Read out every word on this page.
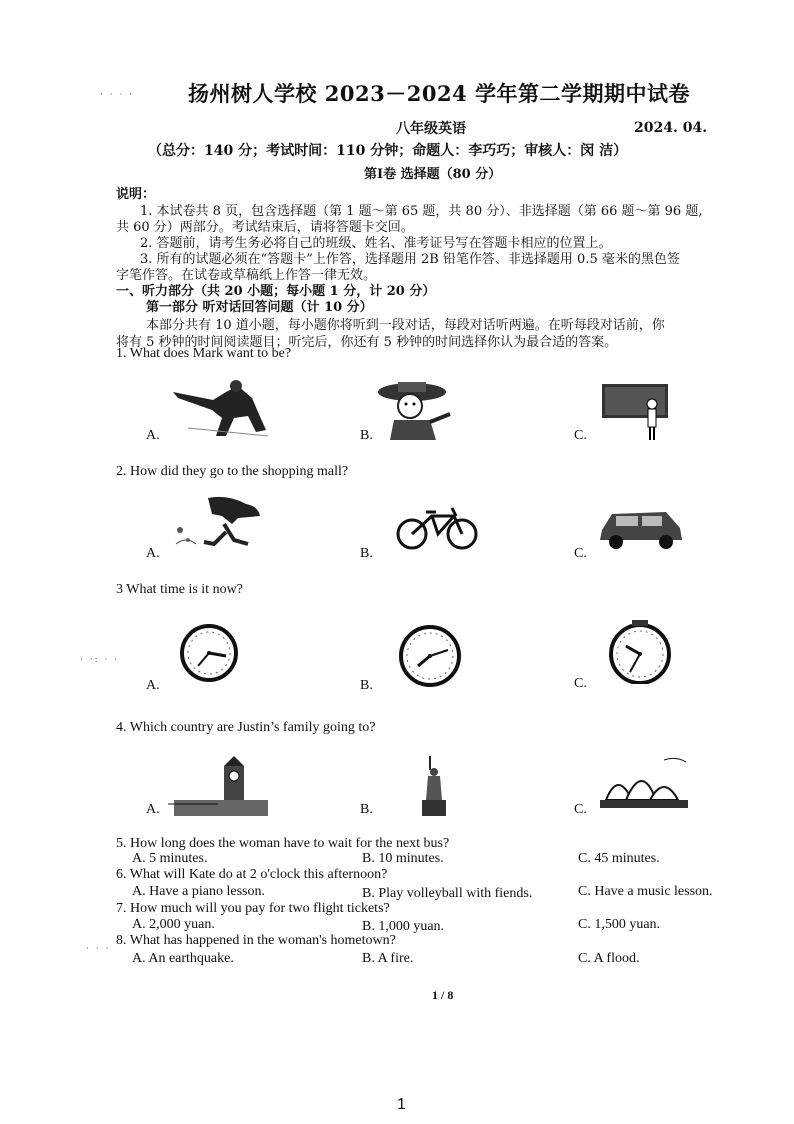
扬州树人学校 2023－2024 学年第二学期期中试卷
八年级英语	2024. 04.
（总分：140 分；考试时间：110 分钟；命题人：李巧巧；审核人：闵 洁）
第Ⅰ卷 选择题（80 分）
说明：
1. 本试卷共 8 页，包含选择题（第 1 题～第 65 题，共 80 分）、非选择题（第 66 题～第 96 题,
共 60 分）两部分。考试结束后，请将答题卡交回。
2. 答题前，请考生务必将自己的班级、姓名、准考证号写在答题卡相应的位置上。
3. 所有的试题必须在“答题卡”上作答，选择题用 2B 铅笔作答、非选择题用 0.5 毫米的黑色签
字笔作答。在试卷或草稿纸上作答一律无效。
一、听力部分（共 20 小题；每小题 1 分，计 20 分）
第一部分 听对话回答问题（计 10 分）
本部分共有 10 道小题，每小题你将听到一段对话，每段对话听两遍。在听每段对话前，你
将有 5 秒钟的时间阅读题目；听完后，你还有 5 秒钟的时间选择你认为最合适的答案。
1. What does Mark want to be?
A.	B.	C.
2. How did they go to the shopping mall?
A.	B.	C.
3 What time is it now?
A.	B.	C.
4. Which country are Justin’s family going to?
A.	B.	C.
5. How long does the woman have to wait for the next bus?
A. 5 minutes.	B. 10 minutes.	C. 45 minutes.
6. What will Kate do at 2 o'clock this afternoon?
A. Have a piano lesson.	B. Play volleyball with fiends.	C. Have a music lesson.
7. How much will you pay for two flight tickets?
A. 2,000 yuan.	B. 1,000 yuan.	C. 1,500 yuan.
8. What has happened in the woman's hometown?
A. An earthquake.	B. A fire.	C. A flood.
· · · ·
· ·: · ·
· · ·
1 / 8
1
